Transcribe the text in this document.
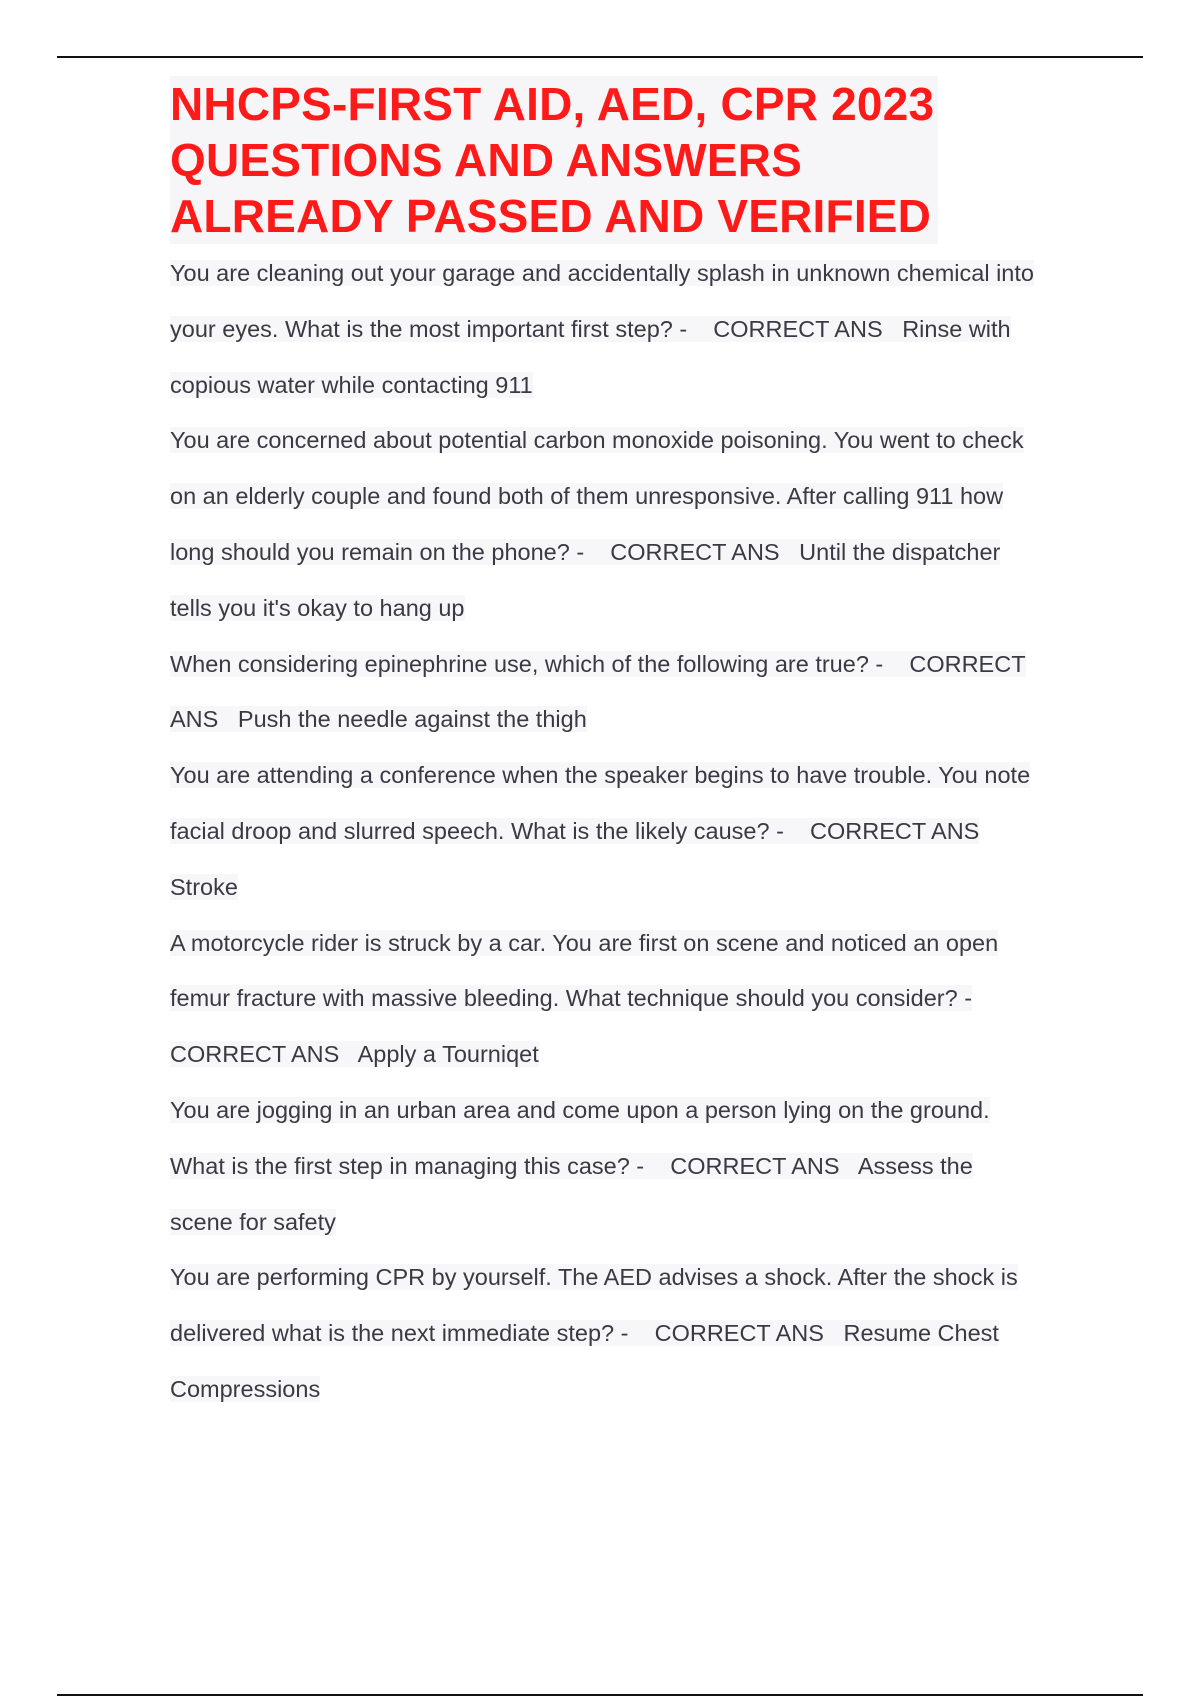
NHCPS-FIRST AID, AED, CPR 2023
QUESTIONS AND ANSWERS
ALREADY PASSED AND VERIFIED
You are cleaning out your garage and accidentally splash in unknown chemical into
your eyes. What is the most important first step? -    CORRECT ANS   Rinse with
copious water while contacting 911
You are concerned about potential carbon monoxide poisoning. You went to check
on an elderly couple and found both of them unresponsive. After calling 911 how
long should you remain on the phone? -    CORRECT ANS   Until the dispatcher
tells you it's okay to hang up
When considering epinephrine use, which of the following are true? -    CORRECT
ANS   Push the needle against the thigh
You are attending a conference when the speaker begins to have trouble. You note
facial droop and slurred speech. What is the likely cause? -    CORRECT ANS
Stroke
A motorcycle rider is struck by a car. You are first on scene and noticed an open
femur fracture with massive bleeding. What technique should you consider? -
CORRECT ANS   Apply a Tourniqet
You are jogging in an urban area and come upon a person lying on the ground.
What is the first step in managing this case? -    CORRECT ANS   Assess the
scene for safety
You are performing CPR by yourself. The AED advises a shock. After the shock is
delivered what is the next immediate step? -    CORRECT ANS   Resume Chest
Compressions
